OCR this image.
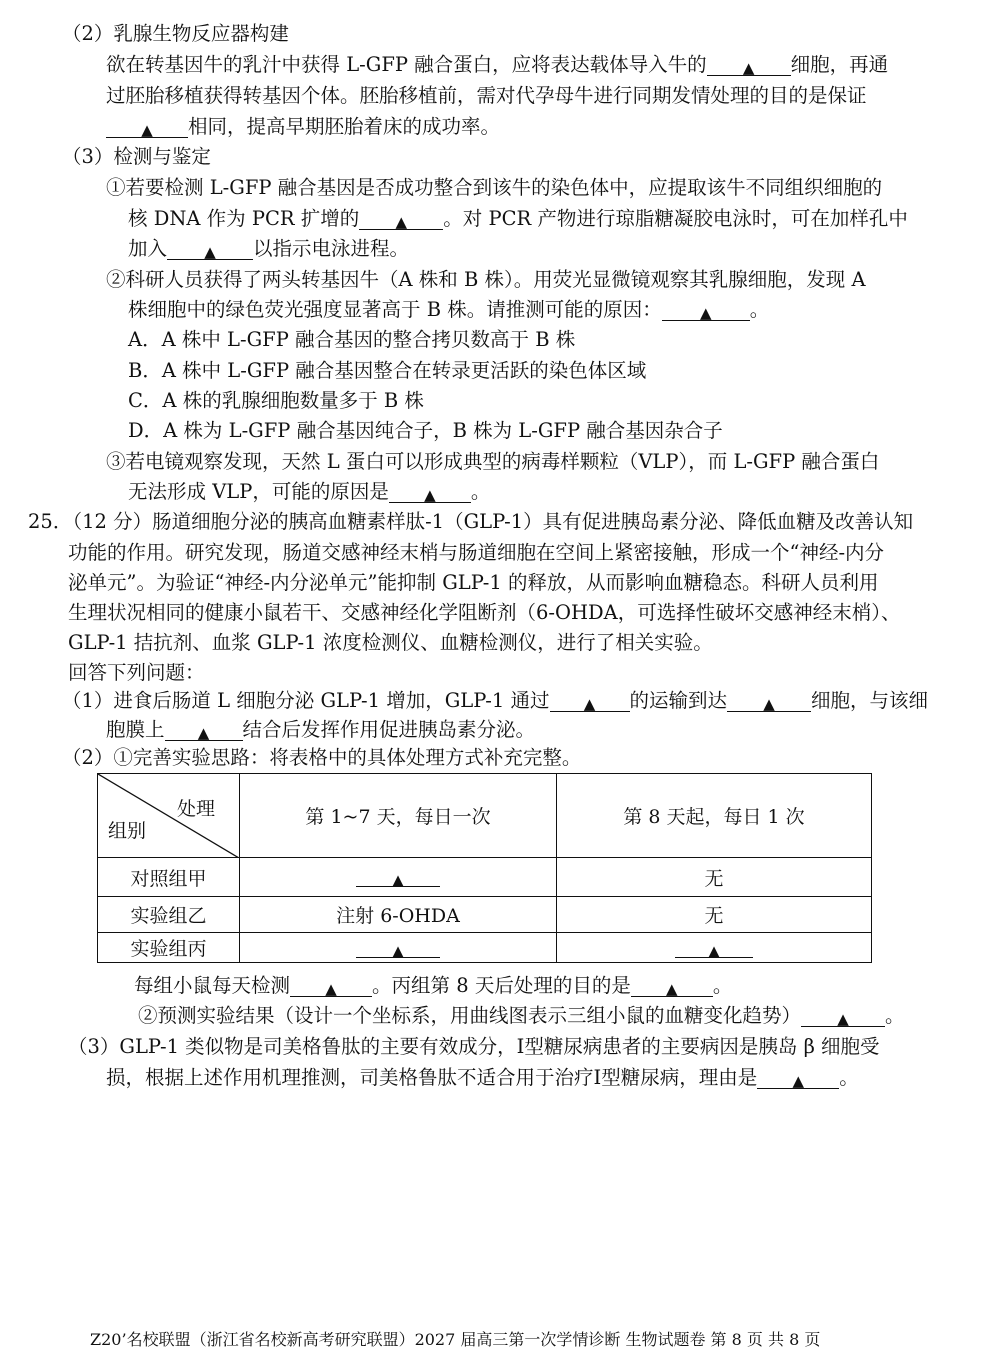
（2）乳腺生物反应器构建
欲在转基因牛的乳汁中获得 L-GFP 融合蛋白，应将表达载体导入牛的 ▲ 细胞，再通
过胚胎移植获得转基因个体。胚胎移植前，需对代孕母牛进行同期发情处理的目的是保证
▲ 相同，提高早期胚胎着床的成功率。
（3）检测与鉴定
①若要检测 L-GFP 融合基因是否成功整合到该牛的染色体中，应提取该牛不同组织细胞的
核 DNA 作为 PCR 扩增的 ▲ 。对 PCR 产物进行琼脂糖凝胶电泳时，可在加样孔中
加入 ▲ 以指示电泳进程。
②科研人员获得了两头转基因牛（A 株和 B 株）。用荧光显微镜观察其乳腺细胞，发现 A
株细胞中的绿色荧光强度显著高于 B 株。请推测可能的原因：	▲ 。
A．A 株中 L-GFP 融合基因的整合拷贝数高于 B 株
B．A 株中 L-GFP 融合基因整合在转录更活跃的染色体区域
C．A 株的乳腺细胞数量多于 B 株
D．A 株为 L-GFP 融合基因纯合子，B 株为 L-GFP 融合基因杂合子
③若电镜观察发现，天然 L 蛋白可以形成典型的病毒样颗粒（VLP），而 L-GFP 融合蛋白
无法形成 VLP，可能的原因是 ▲ 。
25．（12 分）肠道细胞分泌的胰高血糖素样肽-1（GLP-1）具有促进胰岛素分泌、降低血糖及改善认知
功能的作用。研究发现，肠道交感神经末梢与肠道细胞在空间上紧密接触，形成一个“神经-内分
泌单元”。为验证“神经-内分泌单元”能抑制 GLP-1 的释放，从而影响血糖稳态。科研人员利用
生理状况相同的健康小鼠若干、交感神经化学阻断剂（6-OHDA，可选择性破坏交感神经末梢）、
GLP-1 拮抗剂、血浆 GLP-1 浓度检测仪、血糖检测仪，进行了相关实验。
回答下列问题：
（1）进食后肠道 L 细胞分泌 GLP-1 增加，GLP-1 通过 ▲ 的运输到达 ▲ 细胞，与该细
胞膜上 ▲ 结合后发挥作用促进胰岛素分泌。
（2）①完善实验思路：将表格中的具体处理方式补充完整。
处理
组别	第 1~7 天，每日一次	第 8 天起，每日 1 次
对照组甲	▲	无
实验组乙	注射 6-OHDA	无
实验组丙	▲	▲
每组小鼠每天检测 ▲ 。丙组第 8 天后处理的目的是 ▲ 。
②预测实验结果（设计一个坐标系，用曲线图表示三组小鼠的血糖变化趋势） ▲ 。
（3）GLP-1 类似物是司美格鲁肽的主要有效成分，Ⅰ型糖尿病患者的主要病因是胰岛 β 细胞受
损，根据上述作用机理推测，司美格鲁肽不适合用于治疗Ⅰ型糖尿病，理由是 ▲ 。
Z20’名校联盟（浙江省名校新高考研究联盟）2027 届高三第一次学情诊断 生物试题卷 第 8 页 共 8 页
